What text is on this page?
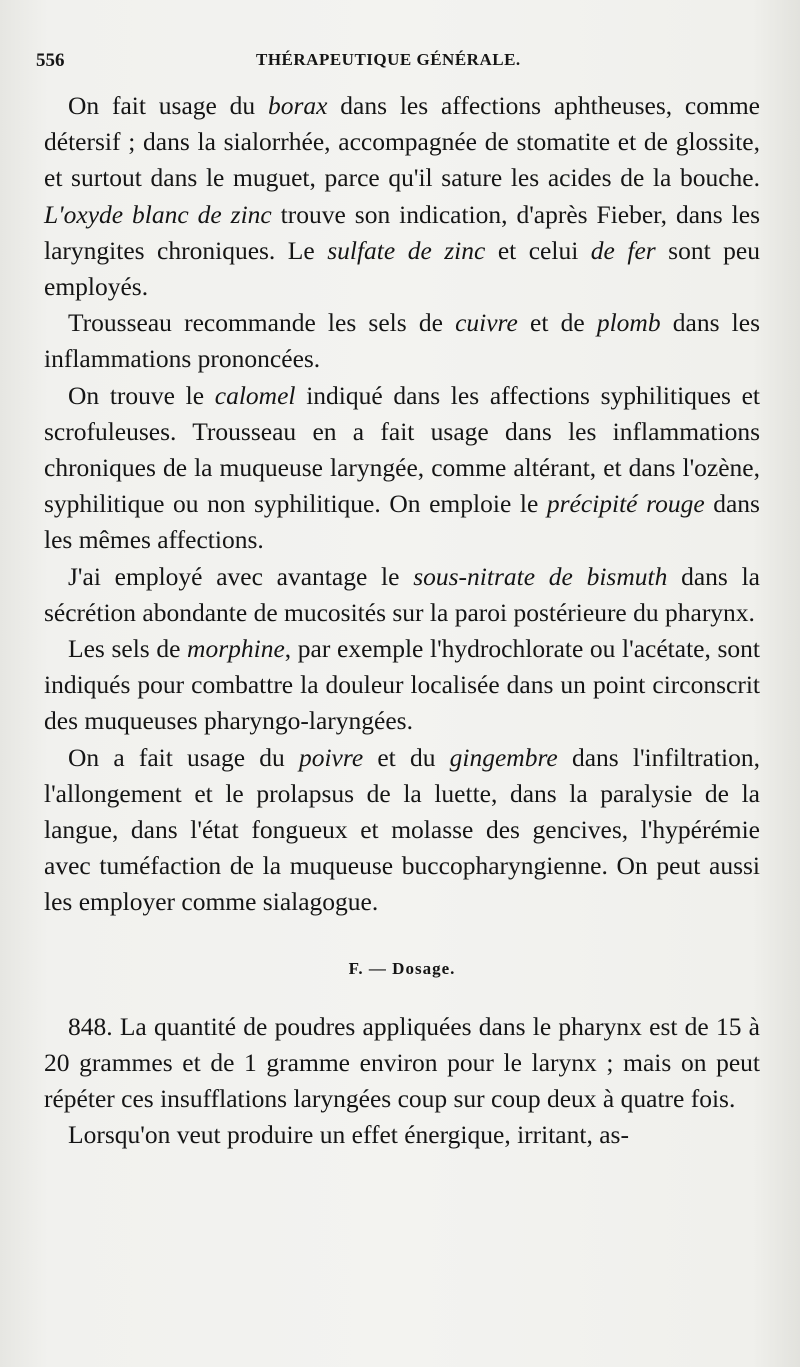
556	THÉRAPEUTIQUE GÉNÉRALE.

On fait usage du borax dans les affections aphtheuses, comme détersif ; dans la sialorrhée, accompagnée de stomatite et de glossite, et surtout dans le muguet, parce qu'il sature les acides de la bouche. L'oxyde blanc de zinc trouve son indication, d'après Fieber, dans les laryngites chroniques. Le sulfate de zinc et celui de fer sont peu employés.

Trousseau recommande les sels de cuivre et de plomb dans les inflammations prononcées.

On trouve le calomel indiqué dans les affections syphilitiques et scrofuleuses. Trousseau en a fait usage dans les inflammations chroniques de la muqueuse laryngée, comme altérant, et dans l'ozène, syphilitique ou non syphilitique. On emploie le précipité rouge dans les mêmes affections.

J'ai employé avec avantage le sous-nitrate de bismuth dans la sécrétion abondante de mucosités sur la paroi postérieure du pharynx.

Les sels de morphine, par exemple l'hydrochlorate ou l'acétate, sont indiqués pour combattre la douleur localisée dans un point circonscrit des muqueuses pharyngo-laryngées.

On a fait usage du poivre et du gingembre dans l'infiltration, l'allongement et le prolapsus de la luette, dans la paralysie de la langue, dans l'état fongueux et molasse des gencives, l'hypérémie avec tuméfaction de la muqueuse buccopharyngienne. On peut aussi les employer comme sialagogue.

F. — Dosage.

848. La quantité de poudres appliquées dans le pharynx est de 15 à 20 grammes et de 1 gramme environ pour le larynx ; mais on peut répéter ces insufflations laryngées coup sur coup deux à quatre fois.

Lorsqu'on veut produire un effet énergique, irritant, as-
